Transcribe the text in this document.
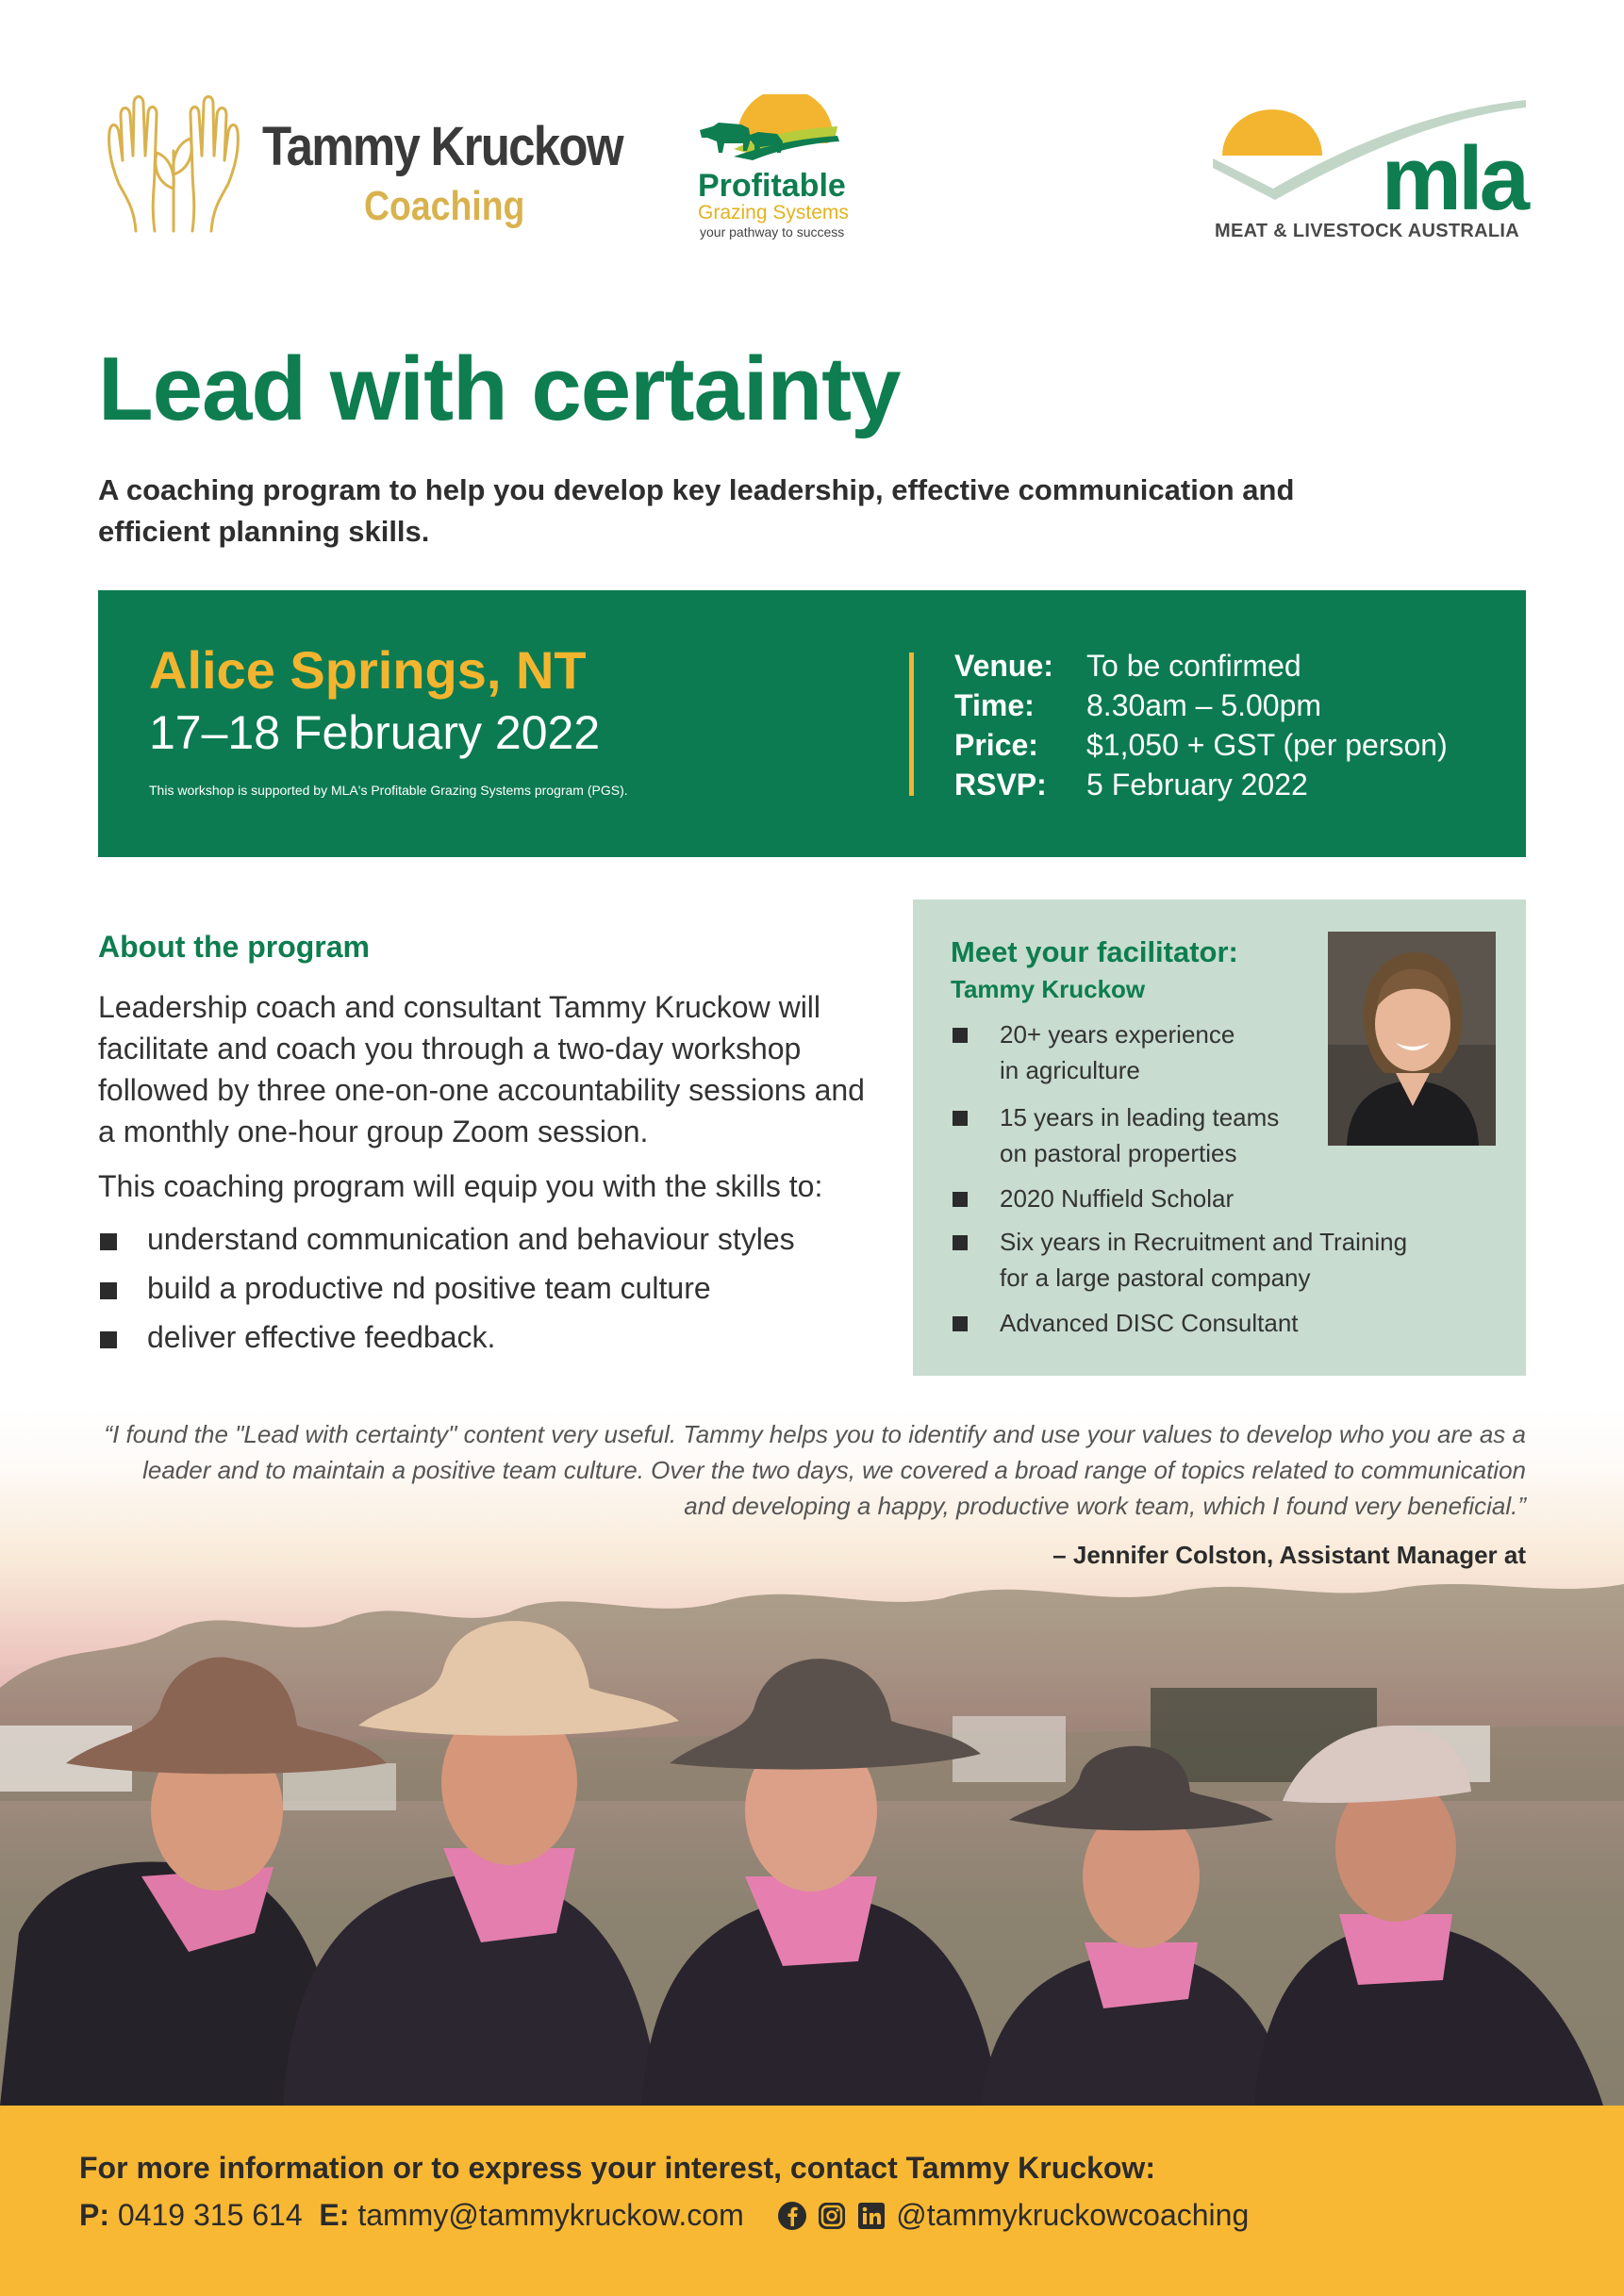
Tammy Kruckow
Coaching	Profitable
Grazing Systems
your pathway to success
mla
MEAT & LIVESTOCK AUSTRALIA
Lead with certainty
A coaching program to help you develop key leadership, effective communication and efficient planning skills.
Alice Springs, NT
17–18 February 2022
This workshop is supported by MLA's Profitable Grazing Systems program (PGS).
Venue: To be confirmed
Time: 8.30am – 5.00pm
Price: $1,050 + GST (per person)
RSVP: 5 February 2022
About the program
Leadership coach and consultant Tammy Kruckow will facilitate and coach you through a two-day workshop followed by three one-on-one accountability sessions and a monthly one-hour group Zoom session.
This coaching program will equip you with the skills to:
understand communication and behaviour styles
build a productive nd positive team culture
deliver effective feedback.
Meet your facilitator:
Tammy Kruckow
20+ years experience
in agriculture
15 years in leading teams
on pastoral properties
2020 Nuffield Scholar
Six years in Recruitment and Training
for a large pastoral company
Advanced DISC Consultant
“I found the "Lead with certainty" content very useful. Tammy helps you to identify and use your values to develop who you are as a leader and to maintain a positive team culture. Over the two days, we covered a broad range of topics related to communication and developing a happy, productive work team, which I found very beneficial.”
– Jennifer Colston, Assistant Manager at
For more information or to express your interest, contact Tammy Kruckow:
P:
0419 315 614
E:
tammy@tammykruckow.com
	@tammykruckowcoaching
